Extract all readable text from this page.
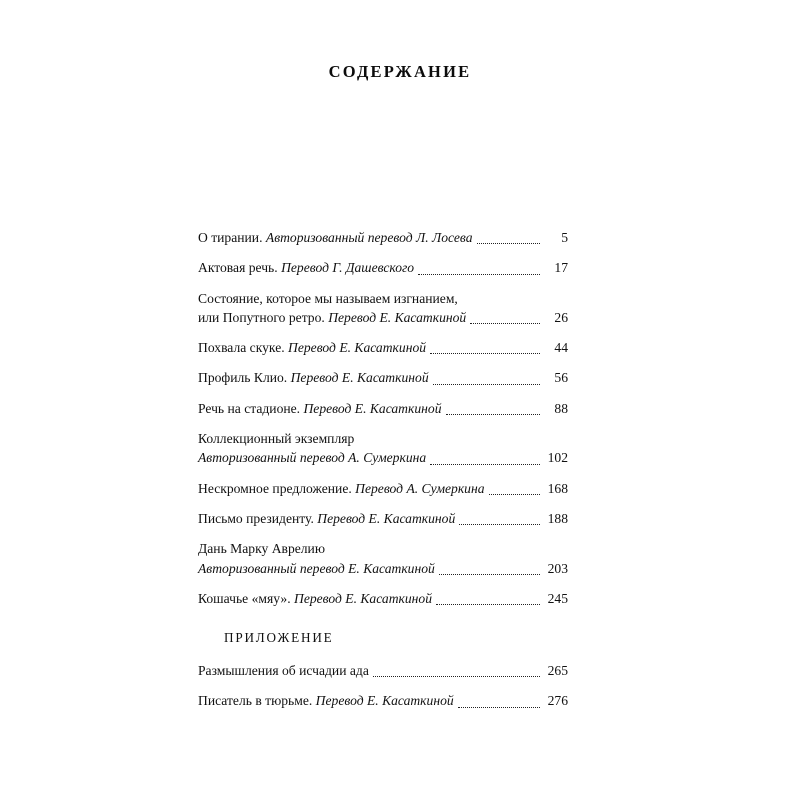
СОДЕРЖАНИЕ
О тирании. Авторизованный перевод Л. Лосева	5
Актовая речь. Перевод Г. Дашевского	17
Состояние, которое мы называем изгнанием,
или Попутного ретро. Перевод Е. Касаткиной	26
Похвала скуке. Перевод Е. Касаткиной	44
Профиль Клио. Перевод Е. Касаткиной	56
Речь на стадионе. Перевод Е. Касаткиной	88
Коллекционный экземпляр
Авторизованный перевод А. Сумеркина	102
Нескромное предложение. Перевод А. Сумеркина	168
Письмо президенту. Перевод Е. Касаткиной	188
Дань Марку Аврелию
Авторизованный перевод Е. Касаткиной	203
Кошачье «мяу». Перевод Е. Касаткиной	245
ПРИЛОЖЕНИЕ
Размышления об исчадии ада	265
Писатель в тюрьме. Перевод Е. Касаткиной	276
